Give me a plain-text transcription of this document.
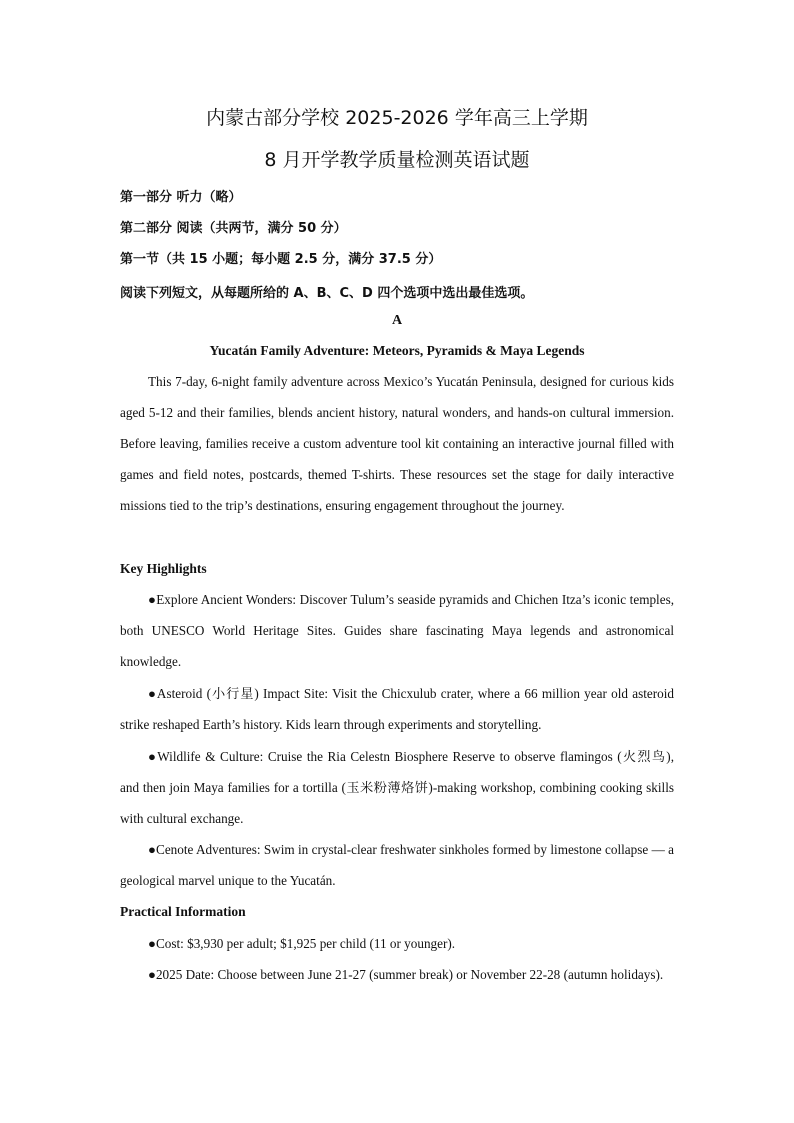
内蒙古部分学校 2025-2026 学年高三上学期
8 月开学教学质量检测英语试题
第一部分 听力（略）
第二部分 阅读（共两节，满分 50 分）
第一节（共 15 小题；每小题 2.5 分，满分 37.5 分）
阅读下列短文，从每题所给的 A、B、C、D 四个选项中选出最佳选项。
A
Yucatán Family Adventure: Meteors, Pyramids & Maya Legends

This 7-day, 6-night family adventure across Mexico’s Yucatán Peninsula, designed for curious kids aged 5-12 and their families, blends ancient history, natural wonders, and hands-on cultural immersion. Before leaving, families receive a custom adventure tool kit containing an interactive journal filled with games and field notes, postcards, themed T-shirts. These resources set the stage for daily interactive missions tied to the trip’s destinations, ensuring engagement throughout the journey.

Key Highlights

●Explore Ancient Wonders: Discover Tulum’s seaside pyramids and Chichen Itza’s iconic temples, both UNESCO World Heritage Sites. Guides share fascinating Maya legends and astronomical knowledge.

●Asteroid (小行星) Impact Site: Visit the Chicxulub crater, where a 66 million year old asteroid strike reshaped Earth’s history. Kids learn through experiments and storytelling.

●Wildlife & Culture: Cruise the Ria Celestn Biosphere Reserve to observe flamingos (火烈鸟), and then join Maya families for a tortilla (玉米粉薄烙饼)-making workshop, combining cooking skills with cultural exchange.

●Cenote Adventures: Swim in crystal-clear freshwater sinkholes formed by limestone collapse — a geological marvel unique to the Yucatán.

Practical Information

●Cost: $3,930 per adult; $1,925 per child (11 or younger).

●2025 Date: Choose between June 21-27 (summer break) or November 22-28 (autumn holidays).
